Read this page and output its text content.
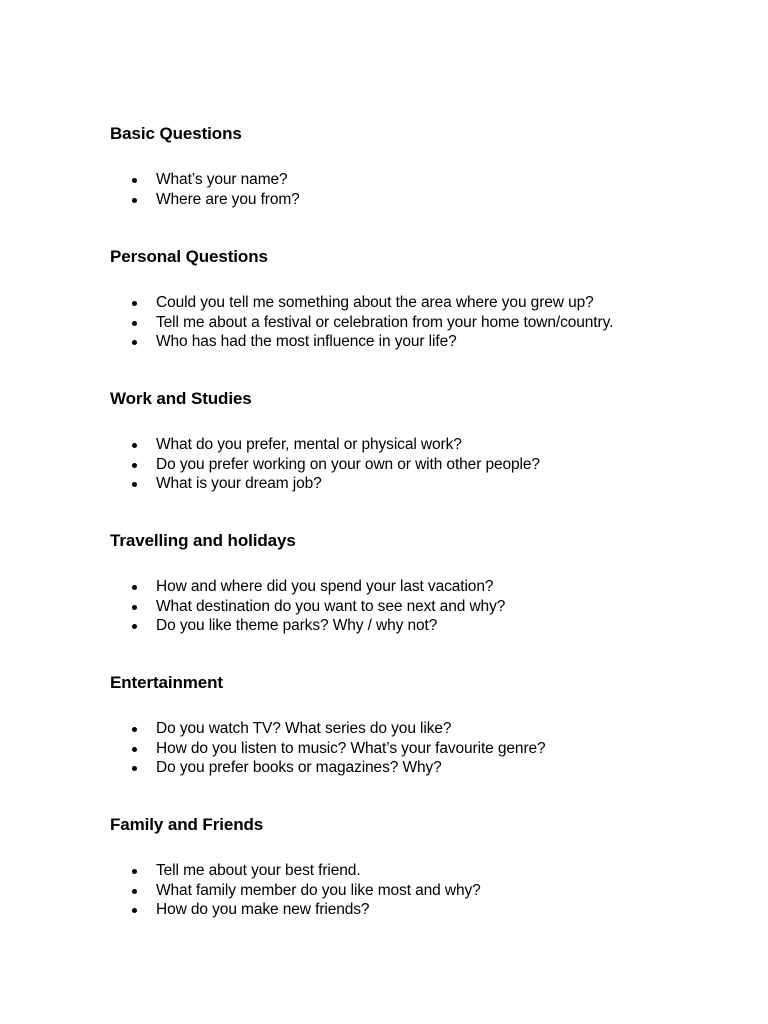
Basic Questions
What’s your name?
Where are you from?
Personal Questions
Could you tell me something about the area where you grew up?
Tell me about a festival or celebration from your home town/country.
Who has had the most influence in your life?
Work and Studies
What do you prefer, mental or physical work?
Do you prefer working on your own or with other people?
What is your dream job?
Travelling and holidays
How and where did you spend your last vacation?
What destination do you want to see next and why?
Do you like theme parks? Why / why not?
Entertainment
Do you watch TV? What series do you like?
How do you listen to music? What’s your favourite genre?
Do you prefer books or magazines? Why?
Family and Friends
Tell me about your best friend.
What family member do you like most and why?
How do you make new friends?
